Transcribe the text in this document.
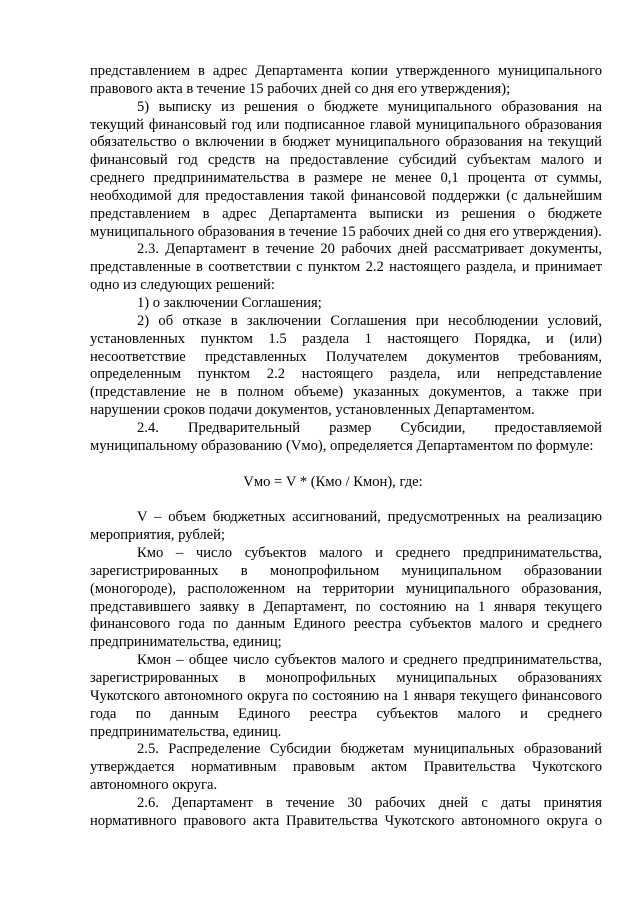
представлением в адрес Департамента копии утвержденного муниципального правового акта в течение 15 рабочих дней со дня его утверждения);

5) выписку из решения о бюджете муниципального образования на текущий финансовый год или подписанное главой муниципального образования обязательство о включении в бюджет муниципального образования на текущий финансовый год средств на предоставление субсидий субъектам малого и среднего предпринимательства в размере не менее 0,1 процента от суммы, необходимой для предоставления такой финансовой поддержки (с дальнейшим представлением в адрес Департамента выписки из решения о бюджете муниципального образования в течение 15 рабочих дней со дня его утверждения).

2.3. Департамент в течение 20 рабочих дней рассматривает документы, представленные в соответствии с пунктом 2.2 настоящего раздела, и принимает одно из следующих решений:

1) о заключении Соглашения;

2) об отказе в заключении Соглашения при несоблюдении условий, установленных пунктом 1.5 раздела 1 настоящего Порядка, и (или) несоответствие представленных Получателем документов требованиям, определенным пунктом 2.2 настоящего раздела, или непредставление (представление не в полном объеме) указанных документов, а также при нарушении сроков подачи документов, установленных Департаментом.

2.4. Предварительный размер Субсидии, предоставляемой муниципальному образованию (Vмо), определяется Департаментом по формуле:

Vмо = V * (Кмо / Кмон), где:

V – объем бюджетных ассигнований, предусмотренных на реализацию мероприятия, рублей;

Кмо – число субъектов малого и среднего предпринимательства, зарегистрированных в монопрофильном муниципальном образовании (моногороде), расположенном на территории муниципального образования, представившего заявку в Департамент, по состоянию на 1 января текущего финансового года по данным Единого реестра субъектов малого и среднего предпринимательства, единиц;

Кмон – общее число субъектов малого и среднего предпринимательства, зарегистрированных в монопрофильных муниципальных образованиях Чукотского автономного округа по состоянию на 1 января текущего финансового года по данным Единого реестра субъектов малого и среднего предпринимательства, единиц.

2.5. Распределение Субсидии бюджетам муниципальных образований утверждается нормативным правовым актом Правительства Чукотского автономного округа.

2.6. Департамент в течение 30 рабочих дней с даты принятия нормативного правового акта Правительства Чукотского автономного округа о
